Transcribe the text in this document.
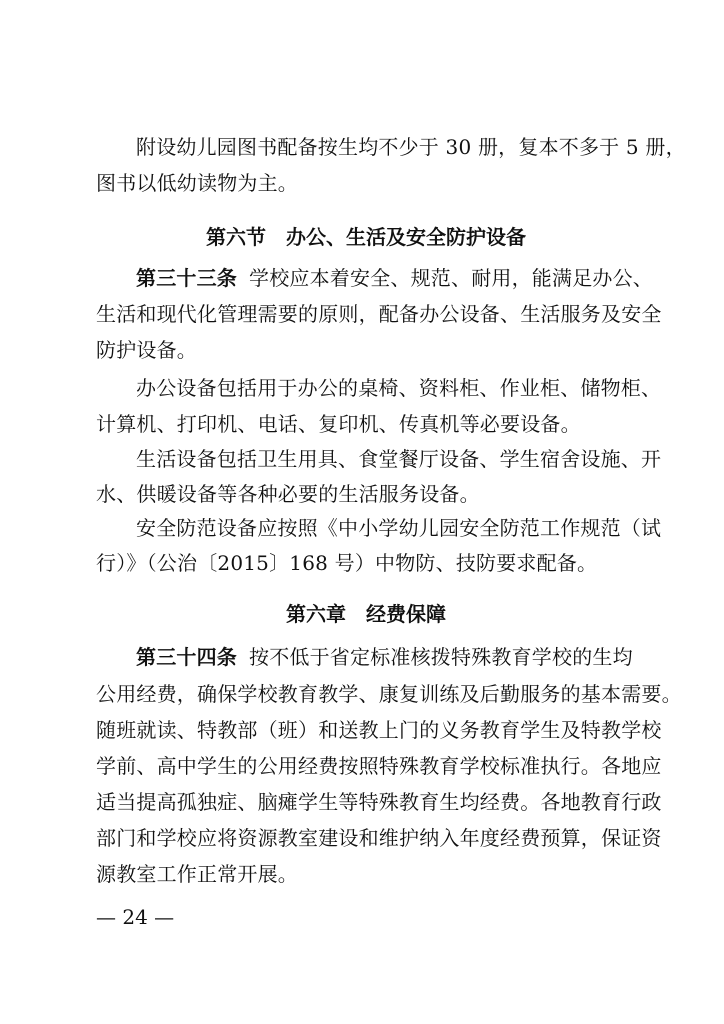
附设幼儿园图书配备按生均不少于 30 册，复本不多于 5 册，
图书以低幼读物为主。
第六节　办公、生活及安全防护设备
第三十三条 学校应本着安全、规范、耐用，能满足办公、
生活和现代化管理需要的原则，配备办公设备、生活服务及安全
防护设备。
办公设备包括用于办公的桌椅、资料柜、作业柜、储物柜、
计算机、打印机、电话、复印机、传真机等必要设备。
生活设备包括卫生用具、食堂餐厅设备、学生宿舍设施、开
水、供暖设备等各种必要的生活服务设备。
安全防范设备应按照《中小学幼儿园安全防范工作规范（试
行）》（公治〔2015〕168 号）中物防、技防要求配备。
第六章　经费保障
第三十四条 按不低于省定标准核拨特殊教育学校的生均
公用经费，确保学校教育教学、康复训练及后勤服务的基本需要。
随班就读、特教部（班）和送教上门的义务教育学生及特教学校
学前、高中学生的公用经费按照特殊教育学校标准执行。各地应
适当提高孤独症、脑瘫学生等特殊教育生均经费。各地教育行政
部门和学校应将资源教室建设和维护纳入年度经费预算，保证资
源教室工作正常开展。
— 24 —
